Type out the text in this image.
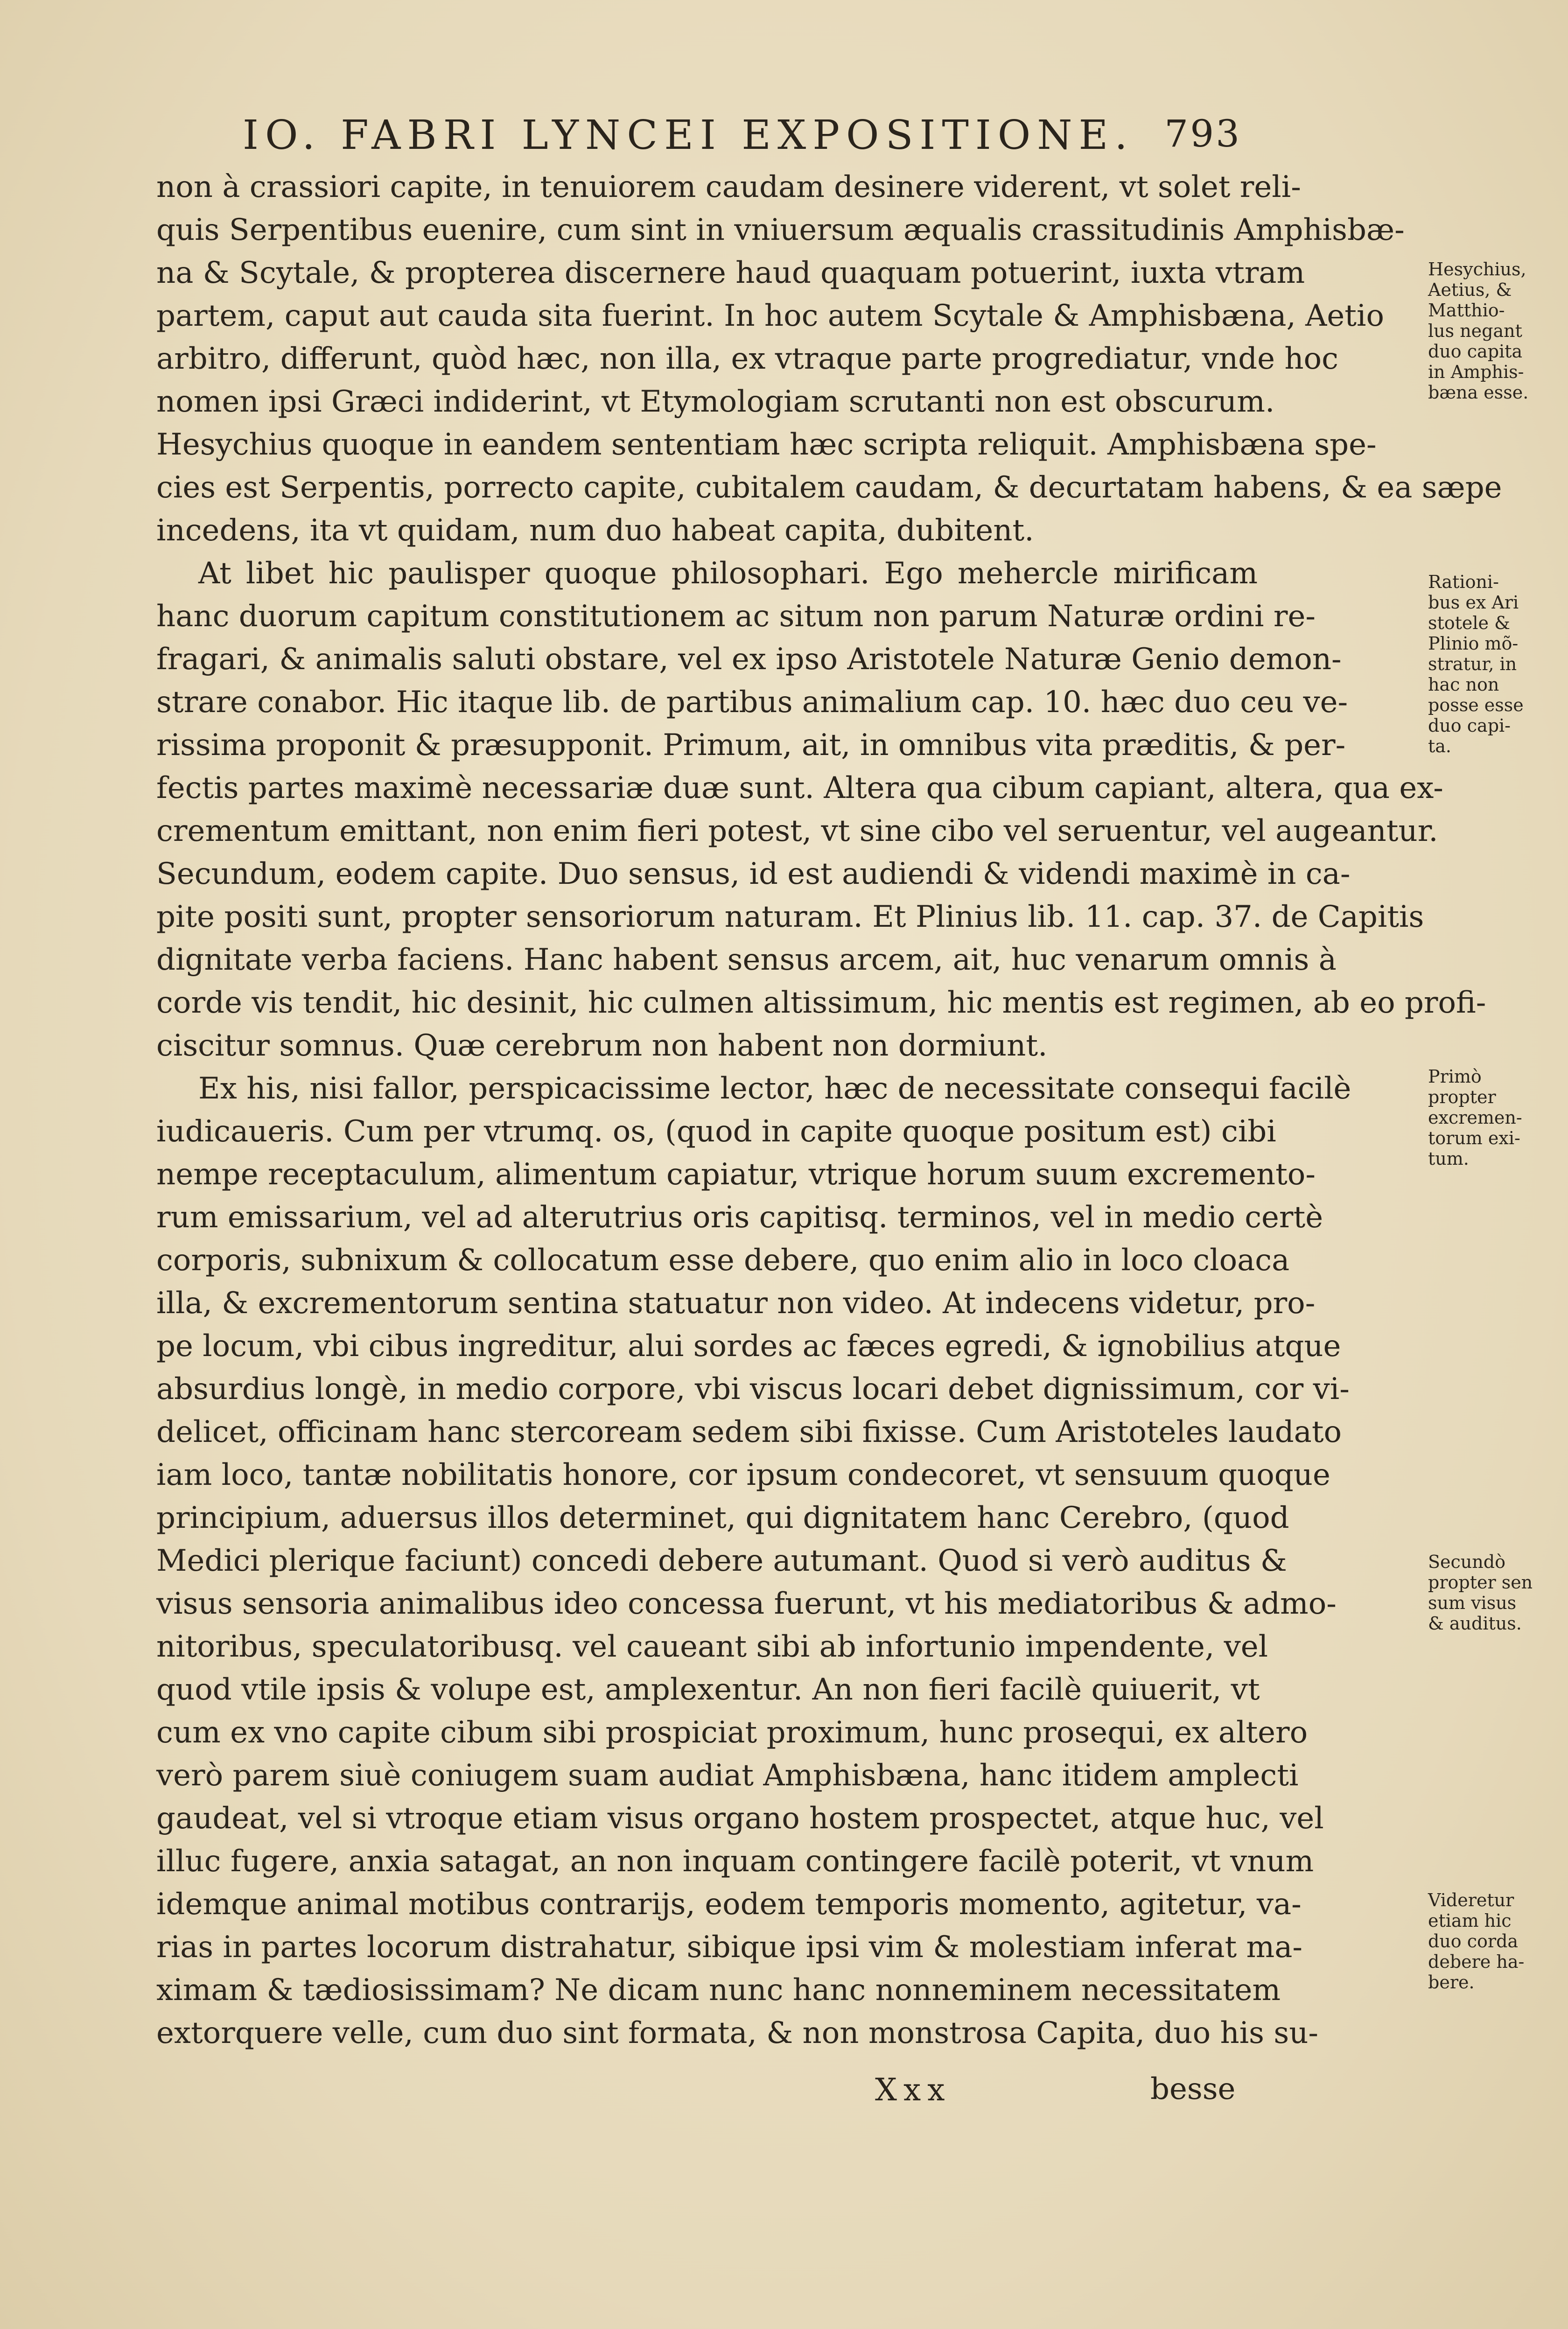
IO. FABRI LYNCEI EXPOSITIONE. 793
non à crassiori capite, in tenuiorem caudam desinere viderent, vt solet reli-
quis Serpentibus euenire, cum sint in vniuersum æqualis crassitudinis Amphisbæ-
na & Scytale, & propterea discernere haud quaquam potuerint, iuxta vtram
partem, caput aut cauda sita fuerint. In hoc autem Scytale & Amphisbæna, Aetio
arbitro, differunt, quòd hæc, non illa, ex vtraque parte progrediatur, vnde hoc
nomen ipsi Græci indiderint, vt Etymologiam scrutanti non est obscurum.
Hesychius quoque in eandem sententiam hæc scripta reliquit. Amphisbæna spe-
cies est Serpentis, porrecto capite, cubitalem caudam, & decurtatam habens, & ea sæpe
incedens, ita vt quidam, num duo habeat capita, dubitent.
At libet hic paulisper quoque philosophari. Ego mehercle mirificam
hanc duorum capitum constitutionem ac situm non parum Naturæ ordini re-
fragari, & animalis saluti obstare, vel ex ipso Aristotele Naturæ Genio demon-
strare conabor. Hic itaque lib. de partibus animalium cap. 10. hæc duo ceu ve-
rissima proponit & præsupponit. Primum, ait, in omnibus vita præditis, & per-
fectis partes maximè necessariæ duæ sunt. Altera qua cibum capiant, altera, qua ex-
crementum emittant, non enim fieri potest, vt sine cibo vel seruentur, vel augeantur.
Secundum, eodem capite. Duo sensus, id est audiendi & videndi maximè in ca-
pite positi sunt, propter sensoriorum naturam. Et Plinius lib. 11. cap. 37. de Capitis
dignitate verba faciens. Hanc habent sensus arcem, ait, huc venarum omnis à
corde vis tendit, hic desinit, hic culmen altissimum, hic mentis est regimen, ab eo profi-
ciscitur somnus. Quæ cerebrum non habent non dormiunt.
Ex his, nisi fallor, perspicacissime lector, hæc de necessitate consequi facilè
iudicaueris. Cum per vtrumq. os, (quod in capite quoque positum est) cibi
nempe receptaculum, alimentum capiatur, vtrique horum suum excremento-
rum emissarium, vel ad alterutrius oris capitisq. terminos, vel in medio certè
corporis, subnixum & collocatum esse debere, quo enim alio in loco cloaca
illa, & excrementorum sentina statuatur non video. At indecens videtur, pro-
pe locum, vbi cibus ingreditur, alui sordes ac fæces egredi, & ignobilius atque
absurdius longè, in medio corpore, vbi viscus locari debet dignissimum, cor vi-
delicet, officinam hanc stercoream sedem sibi fixisse. Cum Aristoteles laudato
iam loco, tantæ nobilitatis honore, cor ipsum condecoret, vt sensuum quoque
principium, aduersus illos determinet, qui dignitatem hanc Cerebro, (quod
Medici plerique faciunt) concedi debere autumant. Quod si verò auditus &
visus sensoria animalibus ideo concessa fuerunt, vt his mediatoribus & admo-
nitoribus, speculatoribusq. vel caueant sibi ab infortunio impendente, vel
quod vtile ipsis & volupe est, amplexentur. An non fieri facilè quiuerit, vt
cum ex vno capite cibum sibi prospiciat proximum, hunc prosequi, ex altero
verò parem siuè coniugem suam audiat Amphisbæna, hanc itidem amplecti
gaudeat, vel si vtroque etiam visus organo hostem prospectet, atque huc, vel
illuc fugere, anxia satagat, an non inquam contingere facilè poterit, vt vnum
idemque animal motibus contrarijs, eodem temporis momento, agitetur, va-
rias in partes locorum distrahatur, sibique ipsi vim & molestiam inferat ma-
ximam & tædiosissimam? Ne dicam nunc hanc nonneminem necessitatem
extorquere velle, cum duo sint formata, & non monstrosa Capita, duo his su-
Hesychius,
Aetius, &
Matthio-
lus negant
duo capita
in Amphis-
bæna esse.
Rationi-
bus ex Ari
stotele &
Plinio mõ-
stratur, in
hac non
posse esse
duo capi-
ta.
Primò
propter
excremen-
torum exi-
tum.
Secundò
propter sen
sum visus
& auditus.
Videretur
etiam hic
duo corda
debere ha-
bere.
Xxx	besse
